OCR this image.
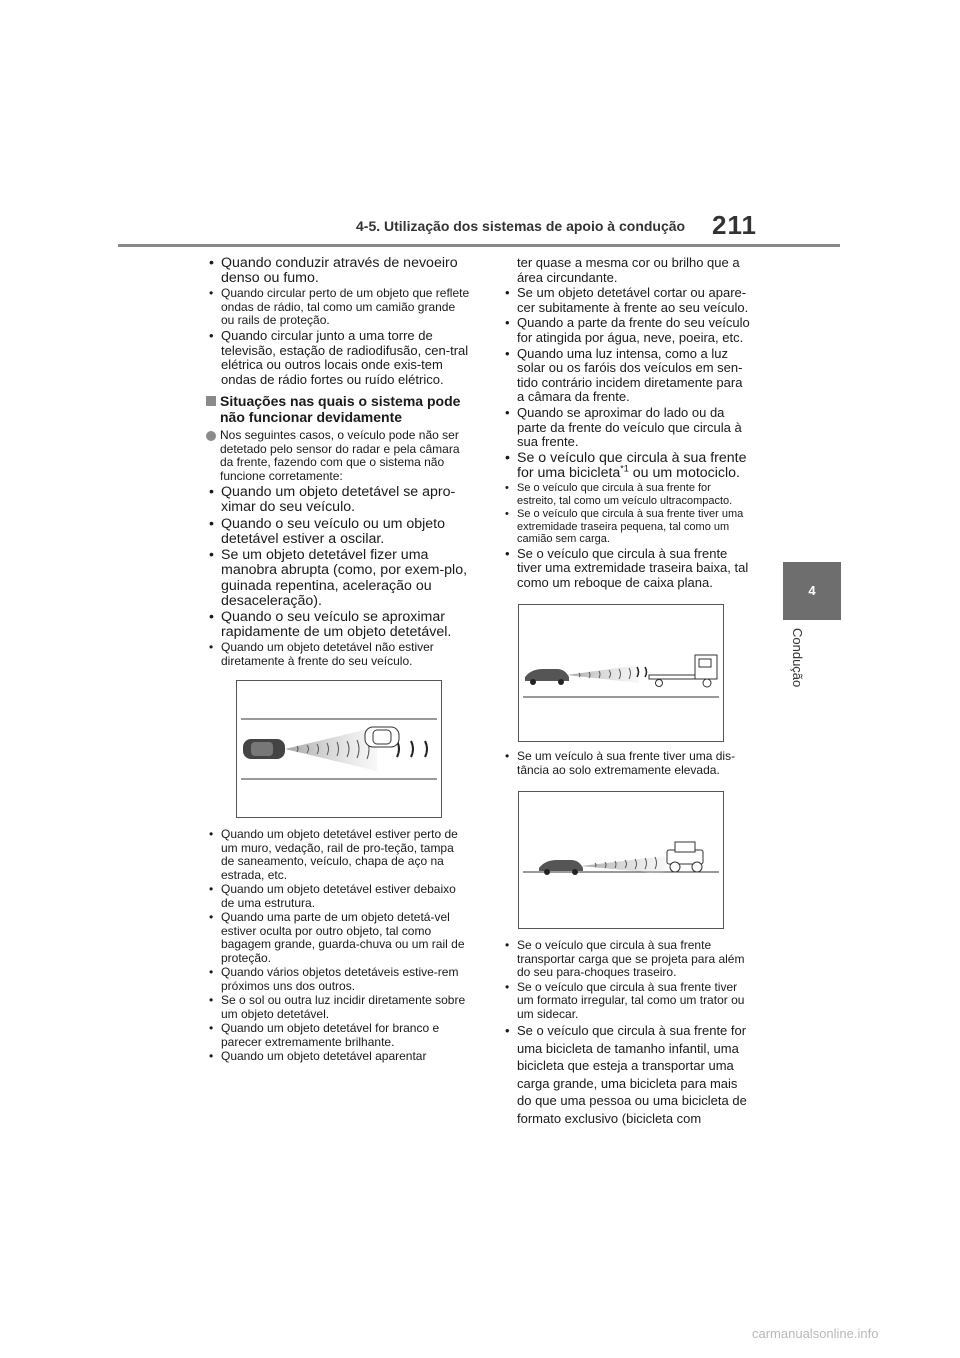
4-5. Utilização dos sistemas de apoio à condução 211
4
Condução
• Quando conduzir através de nevoeiro denso ou fumo.
• Quando circular perto de um objeto que reflete ondas de rádio, tal como um camião grande ou rails de proteção.
• Quando circular junto a uma torre de televisão, estação de radiodifusão, cen-tral elétrica ou outros locais onde exis-tem ondas de rádio fortes ou ruído elétrico.
Situações nas quais o sistema pode não funcionar devidamente
Nos seguintes casos, o veículo pode não ser detetado pelo sensor do radar e pela câmara da frente, fazendo com que o sistema não funcione corretamente:
• Quando um objeto detetável se apro-ximar do seu veículo.
• Quando o seu veículo ou um objeto detetável estiver a oscilar.
• Se um objeto detetável fizer uma manobra abrupta (como, por exem-plo, guinada repentina, aceleração ou desaceleração).
• Quando o seu veículo se aproximar rapidamente de um objeto detetável.
• Quando um objeto detetável não estiver diretamente à frente do seu veículo.
• Quando um objeto detetável estiver perto de um muro, vedação, rail de pro-teção, tampa de saneamento, veículo, chapa de aço na estrada, etc.
• Quando um objeto detetável estiver debaixo de uma estrutura.
• Quando uma parte de um objeto detetá-vel estiver oculta por outro objeto, tal como bagagem grande, guarda-chuva ou um rail de proteção.
• Quando vários objetos detetáveis estive-rem próximos uns dos outros.
• Se o sol ou outra luz incidir diretamente sobre um objeto detetável.
• Quando um objeto detetável for branco e parecer extremamente brilhante.
• Quando um objeto detetável aparentar
ter quase a mesma cor ou brilho que a área circundante.
• Se um objeto detetável cortar ou apare-cer subitamente à frente ao seu veículo.
• Quando a parte da frente do seu veículo for atingida por água, neve, poeira, etc.
• Quando uma luz intensa, como a luz solar ou os faróis dos veículos em sen-tido contrário incidem diretamente para a câmara da frente.
• Quando se aproximar do lado ou da parte da frente do veículo que circula à sua frente.
• Se o veículo que circula à sua frente for uma bicicleta$^{*1}$ ou um motociclo.
• Se o veículo que circula à sua frente for estreito, tal como um veículo ultracompacto.
• Se o veículo que circula à sua frente tiver uma extremidade traseira pequena, tal como um camião sem carga.
• Se o veículo que circula à sua frente tiver uma extremidade traseira baixa, tal como um reboque de caixa plana.
• Se um veículo à sua frente tiver uma dis-tância ao solo extremamente elevada.
• Se o veículo que circula à sua frente transportar carga que se projeta para além do seu para-choques traseiro.
• Se o veículo que circula à sua frente tiver um formato irregular, tal como um trator ou um sidecar.
• Se o veículo que circula à sua frente for uma bicicleta de tamanho infantil, uma bicicleta que esteja a transportar uma carga grande, uma bicicleta para mais do que uma pessoa ou uma bicicleta de formato exclusivo (bicicleta com
carmanualsonline.info
